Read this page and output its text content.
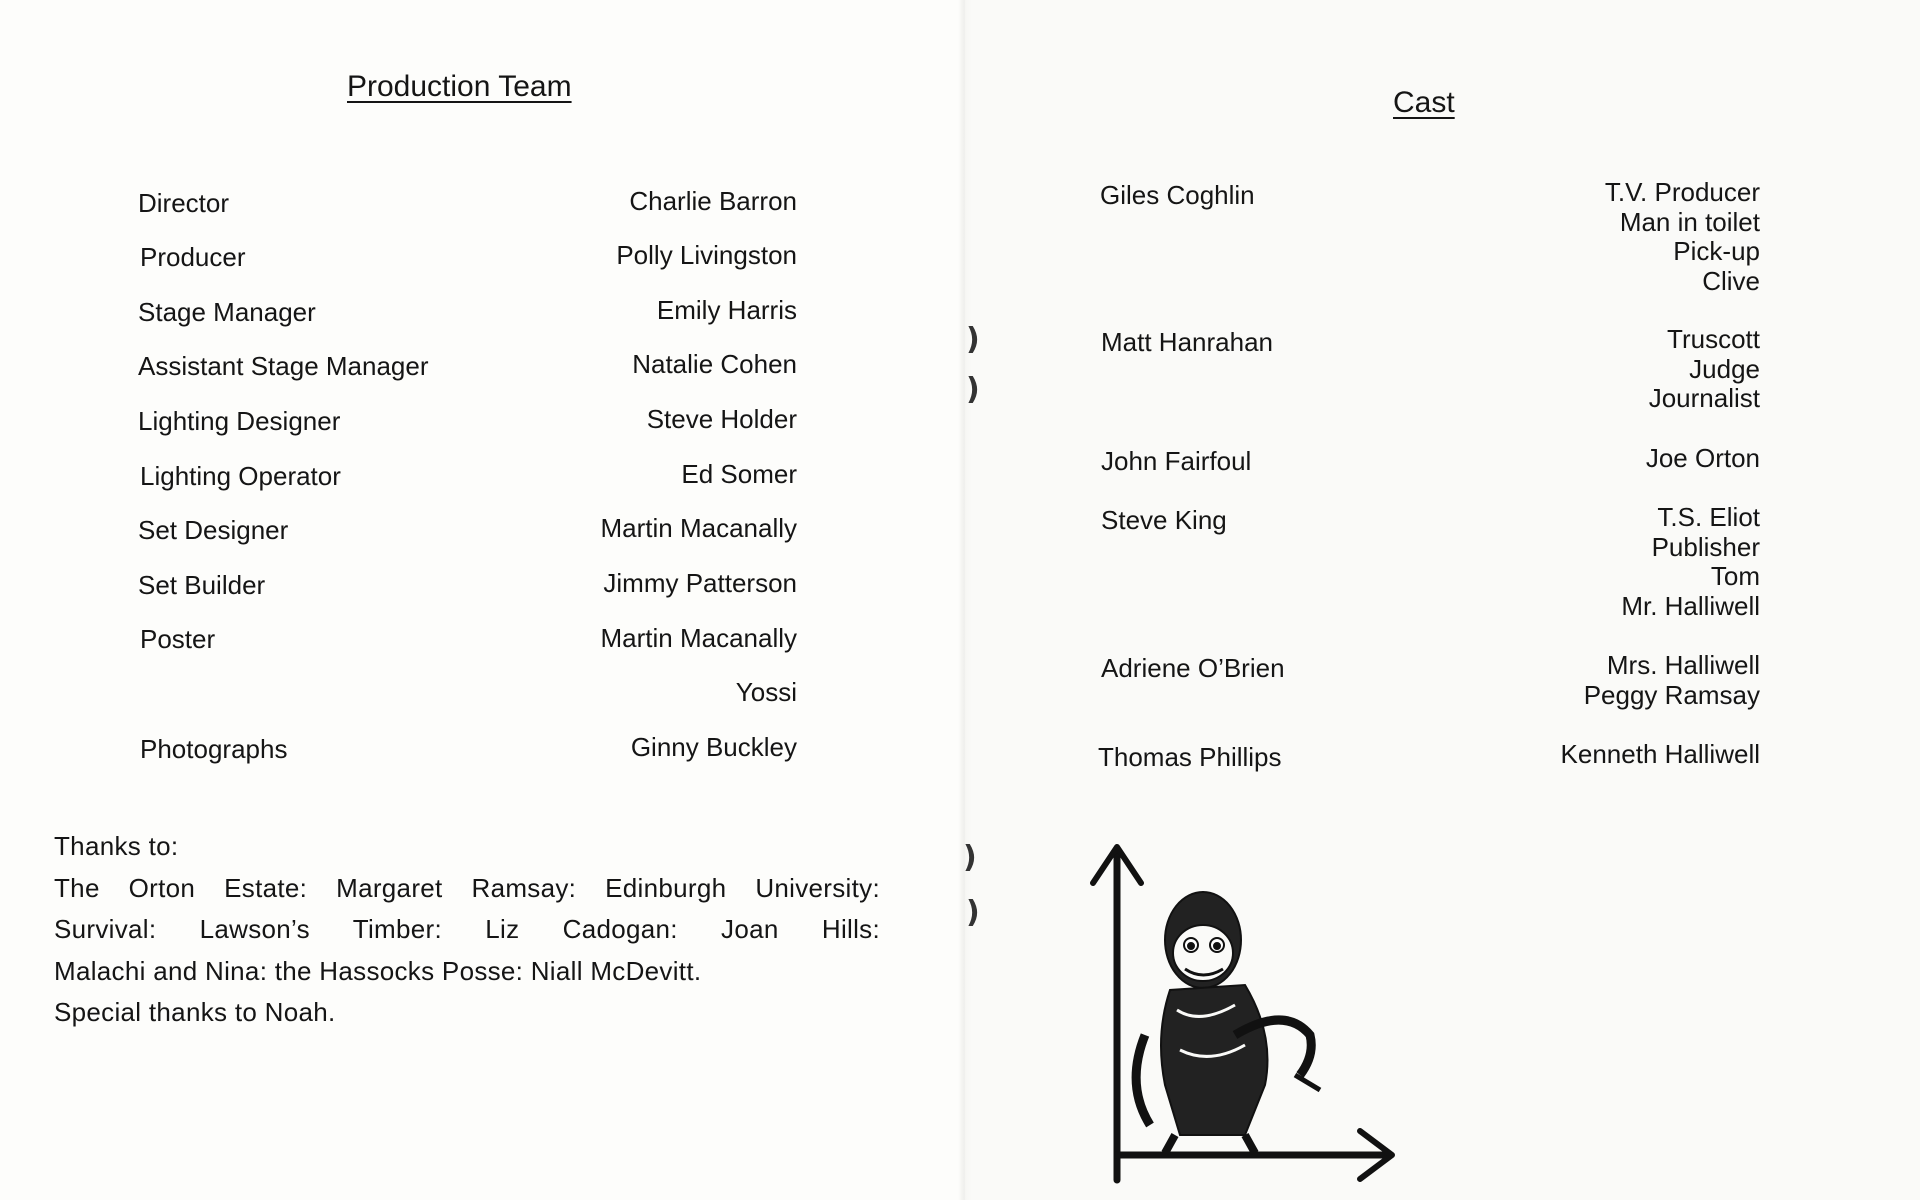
)
)
)
)
Production Team
Director
Producer
Stage Manager
Assistant Stage Manager
Lighting Designer
Lighting Operator
Set Designer
Set Builder
Poster
Photographs
Charlie Barron
Polly Livingston
Emily Harris
Natalie Cohen
Steve Holder
Ed Somer
Martin Macanally
Jimmy Patterson
Martin Macanally
Yossi
Ginny Buckley
Thanks to:
The Orton Estate: Margaret Ramsay: Edinburgh University:
Survival: Lawson’s Timber: Liz Cadogan: Joan Hills:
Malachi and Nina: the Hassocks Posse: Niall McDevitt.
Special thanks to Noah.
Cast
Giles Coghlin
Matt Hanrahan
John Fairfoul
Steve King
Adriene O’Brien
Thomas Phillips
T.V. Producer
Man in toilet
Pick-up
Clive
Truscott
Judge
Journalist
Joe Orton
T.S. Eliot
Publisher
Tom
Mr. Halliwell
Mrs. Halliwell
Peggy Ramsay
Kenneth Halliwell
